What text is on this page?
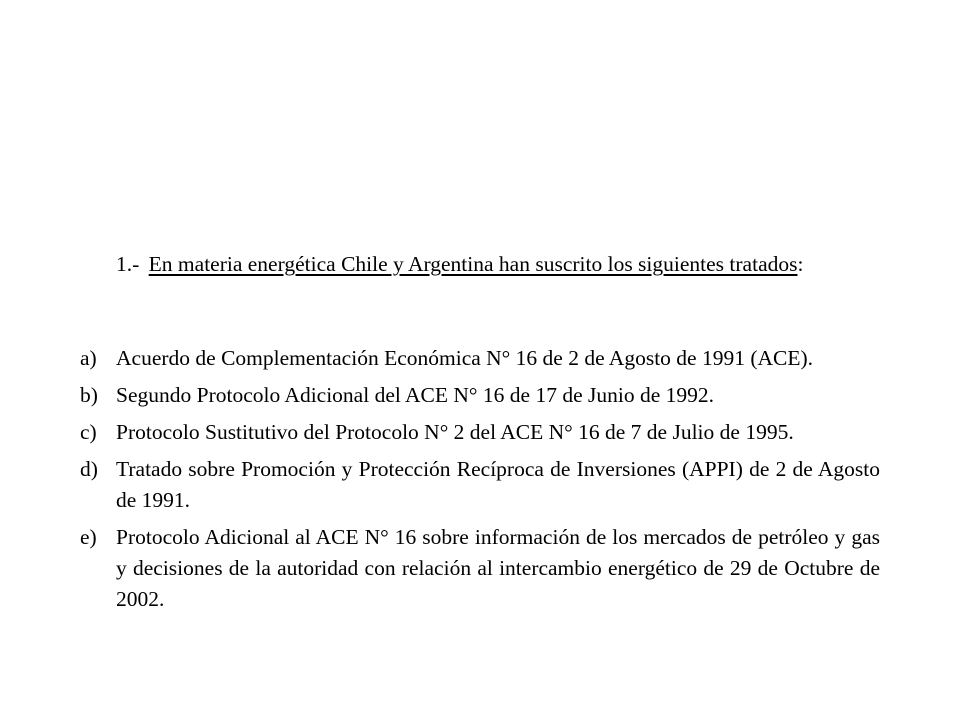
1.- En materia energética Chile y Argentina han suscrito los siguientes tratados:

a) Acuerdo de Complementación Económica N° 16 de 2 de Agosto de 1991 (ACE).
b) Segundo Protocolo Adicional del ACE N° 16 de 17 de Junio de 1992.
c) Protocolo Sustitutivo del Protocolo N° 2 del ACE N° 16 de 7 de Julio de 1995.
d) Tratado sobre Promoción y Protección Recíproca de Inversiones (APPI) de 2 de Agosto de 1991.
e) Protocolo Adicional al ACE N° 16 sobre información de los mercados de petróleo y gas y decisiones de la autoridad con relación al intercambio energético de 29 de Octubre de 2002.
